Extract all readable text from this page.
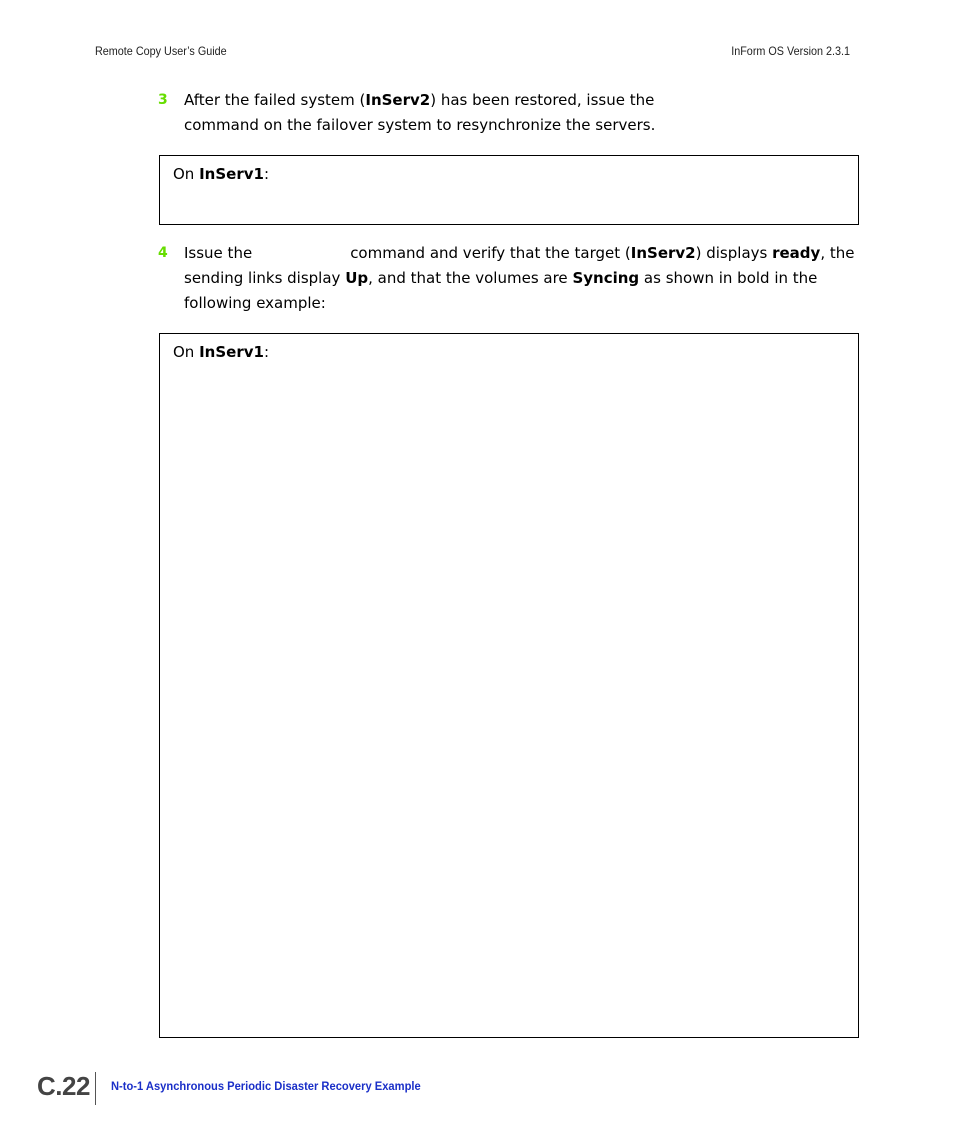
Remote Copy User’s Guide	InForm OS Version 2.3.1
3 After the failed system (InServ2) has been restored, issue the
command on the failover system to resynchronize the servers.
On InServ1:
4 Issue the	command and verify that the target (InServ2) displays ready, the
sending links display Up, and that the volumes are Syncing as shown in bold in the
following example:
On InServ1:
C.22 N-to-1 Asynchronous Periodic Disaster Recovery Example
